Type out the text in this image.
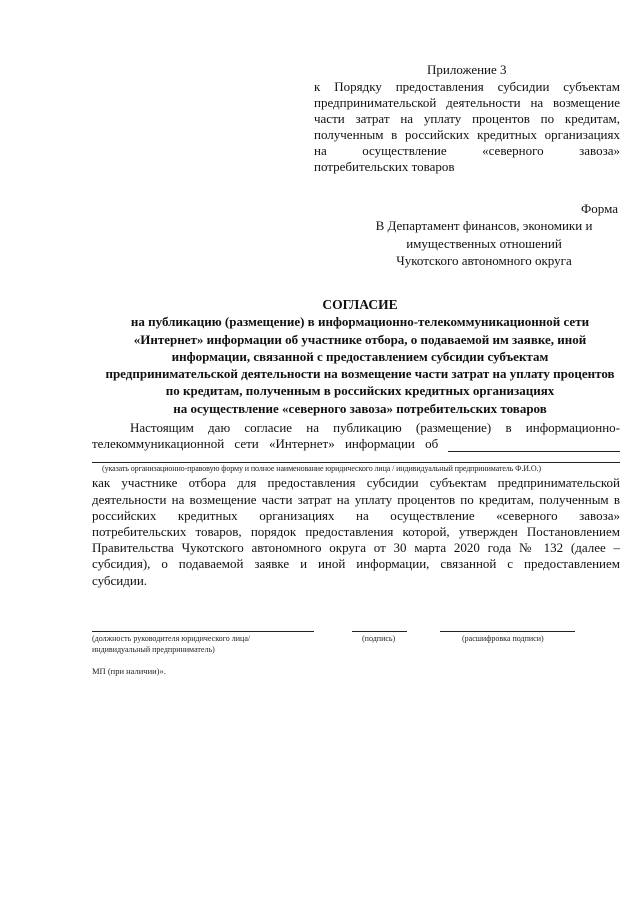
Приложение 3
к Порядку предоставления субсидии субъектам
предпринимательской деятельности на возмещение
части затрат на уплату процентов по кредитам,
полученным в российских кредитных организациях
на осуществление «северного завоза»
потребительских товаров
Форма
В Департамент финансов, экономики и
имущественных отношений
Чукотского автономного округа
СОГЛАСИЕ
на публикацию (размещение) в информационно-телекоммуникационной сети
«Интернет» информации об участнике отбора, о подаваемой им заявке, иной
информации, связанной с предоставлением субсидии субъектам
предпринимательской деятельности на возмещение части затрат на уплату процентов
по кредитам, полученным в российских кредитных организациях
на осуществление «северного завоза» потребительских товаров
Настоящим даю согласие на публикацию (размещение) в информационно-
телекоммуникационной сети «Интернет» информации об
(указать организационно-правовую форму и полное наименование юридического лица / индивидуальный предприниматель Ф.И.О.)
как участнике отбора для предоставления субсидии субъектам предпринимательской
деятельности на возмещение части затрат на уплату процентов по кредитам, полученным в
российских кредитных организациях на осуществление «северного завоза»
потребительских товаров, порядок предоставления которой, утвержден Постановлением
Правительства Чукотского автономного округа от 30 марта 2020 года № 132 (далее –
субсидия), о подаваемой заявке и иной информации, связанной с предоставлением
субсидии.
(должность руководителя юридического лица/
индивидуальный предприниматель)
(подпись)	(расшифровка подписи)
МП (при наличии)».
